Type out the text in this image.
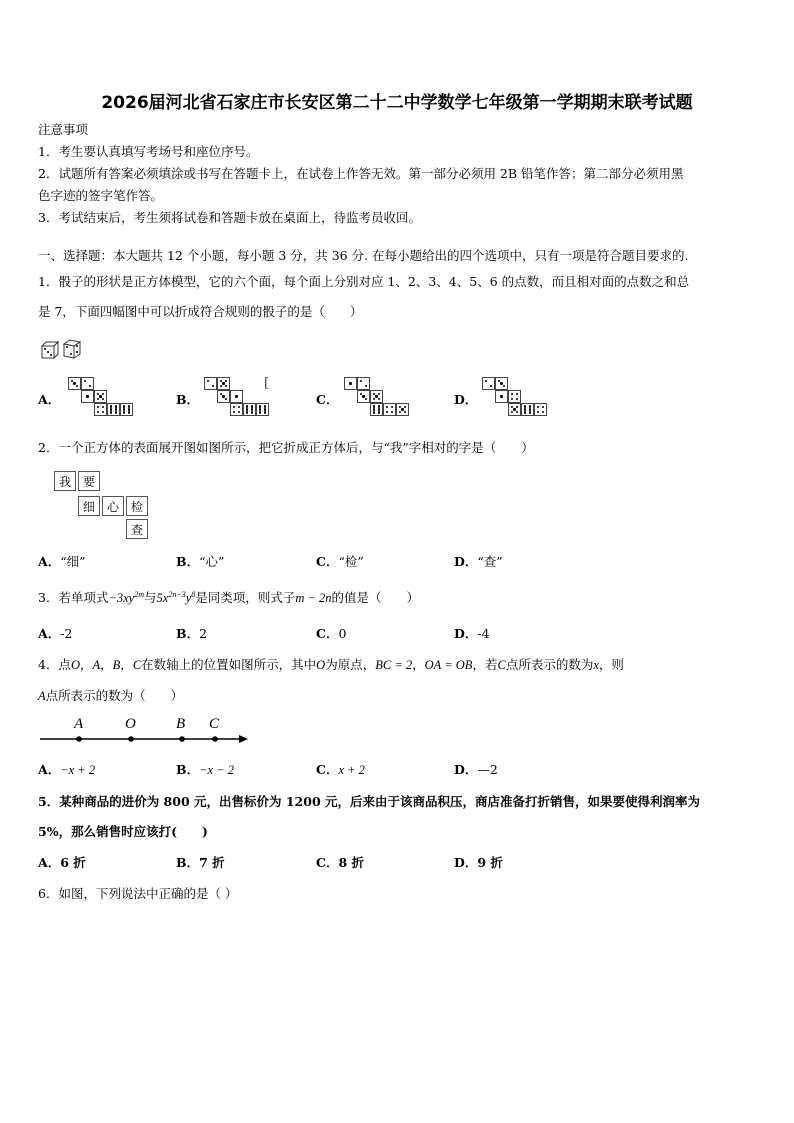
2026届河北省石家庄市长安区第二十二中学数学七年级第一学期期末联考试题
注意事项
1．考生要认真填写考场号和座位序号。
2．试题所有答案必须填涂或书写在答题卡上，在试卷上作答无效。第一部分必须用 2B 铅笔作答；第二部分必须用黑
色字迹的签字笔作答。
3．考试结束后，考生须将试卷和答题卡放在桌面上，待监考员收回。
一、选择题：本大题共 12 个小题，每小题 3 分，共 36 分. 在每小题给出的四个选项中，只有一项是符合题目要求的.
1．骰子的形状是正方体模型，它的六个面，每个面上分别对应 1、2、3、4、5、6 的点数，而且相对面的点数之和总
是 7，下面四幅图中可以折成符合规则的骰子的是（　　）
A．	B．	C．	D．
[
2．一个正方体的表面展开图如图所示，把它折成正方体后，与“我”字相对的字是（　　）
我 要
细 心 检
查
A．“细”	B．“心”	C．“检”	D．“查”
3．若单项式$-3xy^{2m}$与$5x^{2n-3}y^8$是同类项，则式子m − 2n的值是（　　）
A．-2	B．2	C．0	D．-4
4．点O，A，B，C在数轴上的位置如图所示，其中O为原点，BC = 2，OA = OB，若C点所表示的数为x，则
A点所表示的数为（　　）
A	O	B C
A．−x + 2	B．−x − 2	C．x + 2	D．—2
5．某种商品的进价为 800 元，出售标价为 1200 元，后来由于该商品积压，商店准备打折销售，如果要使得利润率为
5%，那么销售时应该打(　　)
A．6 折	B．7 折	C．8 折	D．9 折
6．如图，下列说法中正确的是（ ）
